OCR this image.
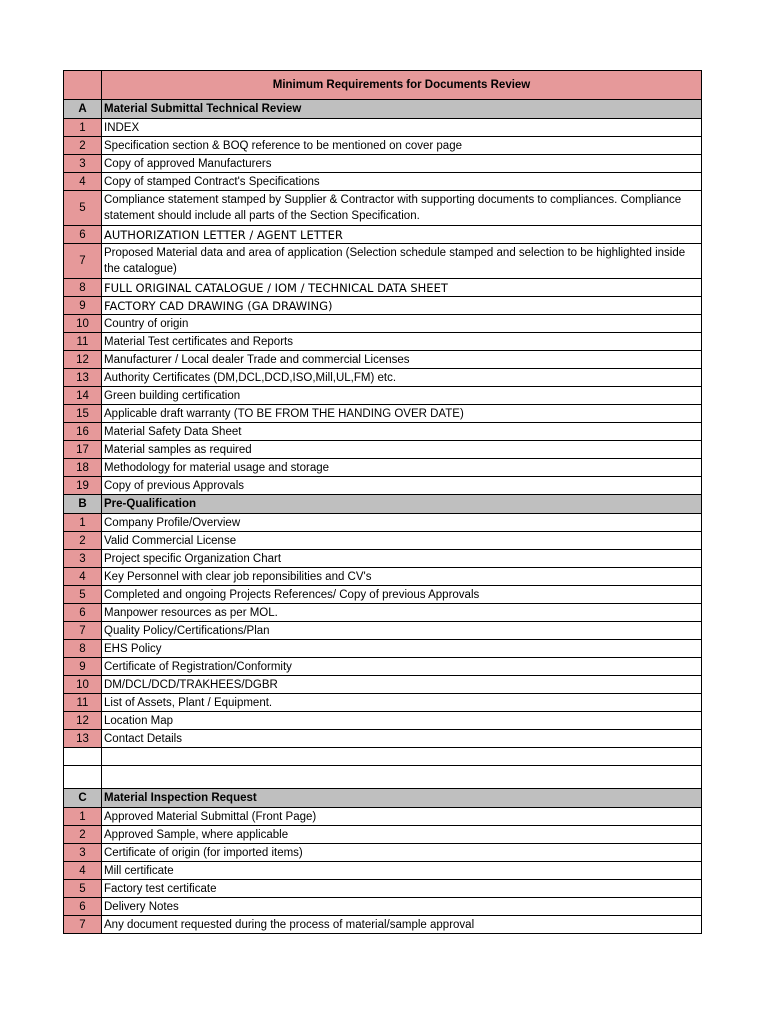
	Minimum Requirements for Documents Review
A	Material Submittal Technical Review
1	INDEX
2	Specification section & BOQ reference to be mentioned on cover page
3	Copy of approved Manufacturers
4	Copy of stamped Contract's Specifications
5	Compliance statement stamped by Supplier & Contractor with supporting documents to compliances. Compliance statement should include all parts of the Section Specification.
6	AUTHORIZATION LETTER / AGENT LETTER
7	Proposed Material data and area of application (Selection schedule stamped and selection to be highlighted inside the catalogue)
8	FULL ORIGINAL CATALOGUE / IOM / TECHNICAL DATA SHEET
9	FACTORY CAD DRAWING (GA DRAWING)
10	Country of origin
11	Material Test certificates and Reports
12	Manufacturer / Local dealer Trade and commercial Licenses
13	Authority Certificates (DM,DCL,DCD,ISO,Mill,UL,FM) etc.
14	Green building certification
15	Applicable draft warranty (TO BE FROM THE HANDING OVER DATE)
16	Material Safety Data Sheet
17	Material samples as required
18	Methodology for material usage and storage
19	Copy of previous Approvals
B	Pre-Qualification
1	Company Profile/Overview
2	Valid Commercial License
3	Project specific Organization Chart
4	Key Personnel with clear job reponsibilities and CV's
5	Completed and ongoing Projects References/ Copy of previous Approvals
6	Manpower resources as per MOL.
7	Quality Policy/Certifications/Plan
8	EHS Policy
9	Certificate of Registration/Conformity
10	DM/DCL/DCD/TRAKHEES/DGBR
11	List of Assets, Plant / Equipment.
12	Location Map
13	Contact Details

C	Material Inspection Request
1	Approved Material Submittal (Front Page)
2	Approved Sample, where applicable
3	Certificate of origin (for imported items)
4	Mill certificate
5	Factory test certificate
6	Delivery Notes
7	Any document requested during the process of material/sample approval
